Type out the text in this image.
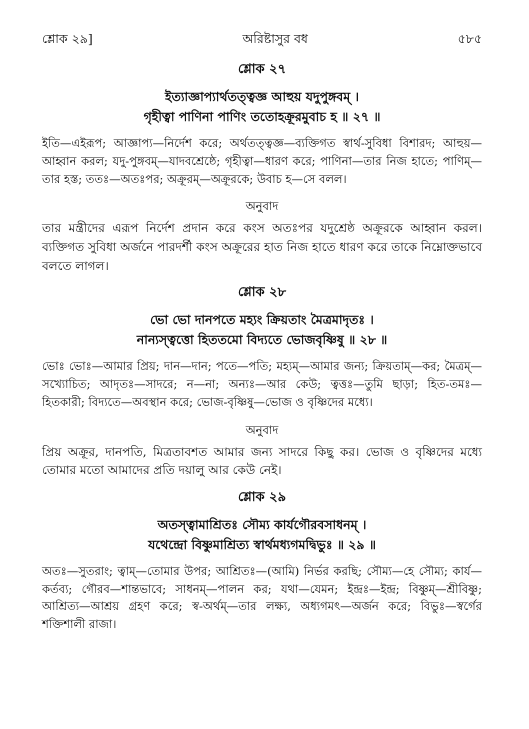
শ্লোক ২৯]	অরিষ্টাসুর বধ	৫৮৫
শ্লোক ২৭
ইত্যাজ্ঞাপ্যার্থতত্ত্বজ্ঞ আহুয় যদুপুঙ্গবম্ ।
গৃহীত্বা পাণিনা পাণিং ততোহক্রূরমুবাচ হ ॥ ২৭ ॥

ইতি—এইরূপ; আজ্ঞাপ্য—নির্দেশ করে; অর্থতত্ত্বজ্ঞ—ব্যক্তিগত স্বার্থ-সুবিধা বিশারদ; আহুয়—আহ্বান করল; যদু-পুঙ্গবম্—যাদবশ্রেষ্ঠে; গৃহীত্বা—ধারণ করে; পাণিনা—তার নিজ হাতে; পাণিম্—তার হস্ত; ততঃ—অতঃপর; অক্রূরম্—অক্রূরকে; উবাচ হ—সে বলল।

অনুবাদ

তার মন্ত্রীদের এরূপ নির্দেশ প্রদান করে কংস অতঃপর যদুশ্রেষ্ঠ অক্রূরকে আহ্বান করল। ব্যক্তিগত সুবিধা অর্জনে পারদর্শী কংস অক্রূরের হাত নিজ হাতে ধারণ করে তাকে নিম্নোক্তভাবে বলতে লাগল।

শ্লোক ২৮
ভো ভো দানপতে মহ্যং ক্রিয়তাং মৈত্রমাদৃতঃ ।
নান্যস্ত্বত্তো হিততমো বিদ্যতে ভোজবৃষ্ণিষু ॥ ২৮ ॥

ভোঃ ভোঃ—আমার প্রিয়; দান—দান; পতে—পতি; মহ্যম্—আমার জন্য; ক্রিয়তাম্—কর; মৈত্রম্—সখ্যোচিত; আদৃতঃ—সাদরে; ন—না; অন্যঃ—আর কেউ; ত্বত্তঃ—তুমি ছাড়া; হিত-তমঃ—হিতকারী; বিদ্যতে—অবস্থান করে; ভোজ-বৃষ্ণিষু—ভোজ ও বৃষ্ণিদের মধ্যে।

অনুবাদ

প্রিয় অক্রূর, দানপতি, মিত্রতাবশত আমার জন্য সাদরে কিছু কর। ভোজ ও বৃষ্ণিদের মধ্যে তোমার মতো আমাদের প্রতি দয়ালু আর কেউ নেই।

শ্লোক ২৯
অতস্ত্বামাশ্রিতঃ সৌম্য কার্যগৌরবসাধনম্ ।
যথেন্দ্রো বিষ্ণুমাশ্রিত্য স্বার্থমধ্যগমদ্বিভুঃ ॥ ২৯ ॥

অতঃ—সুতরাং; ত্বাম্—তোমার উপর; আশ্রিতঃ—(আমি) নির্ভর করছি; সৌম্য—হে সৌম্য; কার্য—কর্তব্য; গৌরব—শান্তভাবে; সাধনম্—পালন কর; যথা—যেমন; ইন্দ্রঃ—ইন্দ্র; বিষ্ণুম্—শ্রীবিষ্ণু; আশ্রিত্য—আশ্রয় গ্রহণ করে; স্ব-অর্থম্—তার লক্ষ্য, অধ্যগমৎ—অর্জন করে; বিভুঃ—স্বর্গের শক্তিশালী রাজা।
